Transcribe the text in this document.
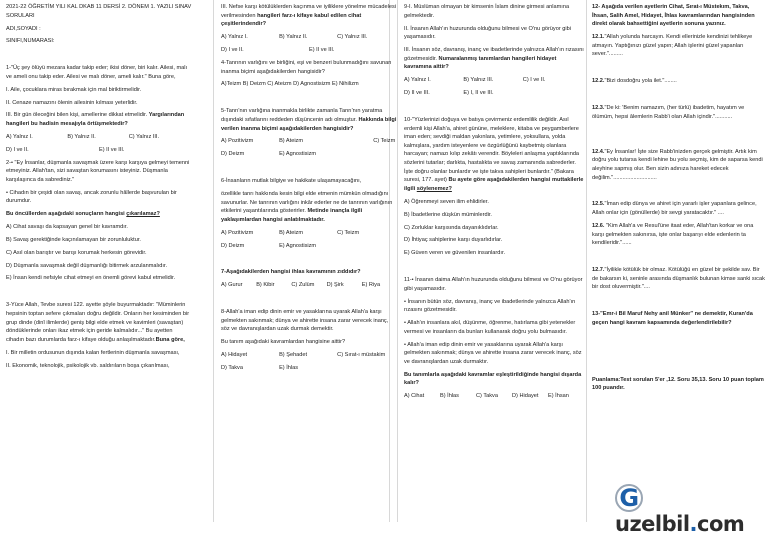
2021-22 ÖĞRETİM YILI KAL DKAB 11 DERSİ 2. DÖNEM 1. YAZILI SINAV SORULARI

ADI,SOYADI :

SINIFI,NUMARASI:

1-"Üç şey ölüyü mezara kadar takip eder; ikisi döner, biri kalır. Ailesi, malı ve ameli onu takip eder. Ailesi ve malı döner, ameli kalır." Buna göre,

I. Aile, çocuklara miras bırakmak için mal biriktirmelidir.

II. Cenaze namazını ölenin ailesinin kılması yeterlidir.

III. Bir gün öleceğini bilen kişi, amellerine dikkat etmelidir. Yargılarından hangileri bu hadisin mesajıyla örtüşmektedir?

A) Yalnız I.	B) Yalnız II.	C) Yalnız III.

D) I ve II.	E) II ve III.

2-• "Ey İnsanlar, düşmanla savaşmak üzere karşı karşıya gelmeyi temenni etmeyiniz. Allah'tan, sizi savaştan korumasını isteyiniz. Düşmanla karşılaşınca da sabrediniz."

• Cihadın bir çeşidi olan savaş, ancak zorunlu hâllerde başvurulan bir durumdur.

Bu öncüllerden aşağıdaki sonuçların hangisi çıkarılamaz?

A) Cihat savaşı da kapsayan genel bir kavramdır.

B) Savaş gerektiğinde kaçınılamayan bir zorunluluktur.

C) Asıl olan barıştır ve barışı korumak herkesin görevidir.

D) Düşmanla savaşmak değil düşmanlığı bitirmek arzulanmalıdır.

E) İnsan kendi nefsiyle cihat etmeyi en önemli görevi kabul etmelidir.

3-Yüce Allah, Tevbe suresi 122. ayette şöyle buyurmaktadır: "Müminlerin hepsinin toptan sefere çıkmaları doğru değildir. Onların her kesiminden bir grup dinde (dinî ilimlerde) geniş bilgi elde etmek ve kavimleri (savaştan) döndüklerinde onları ikaz etmek için geride kalmalıdır..." Bu ayetten cihadın bazı durumlarda farz-ı kifaye olduğu anlaşılmaktadır.Buna göre,

I. Bir milletin ordusunun dışında kalan fertlerinin düşmanla savaşması,

II. Ekonomik, teknolojik, psikolojik vb. saldırıların boşa çıkarılması,

III. Nefse karşı kötülüklerden kaçınma ve iyiliklere yönelme mücadelesi verilmesinden hangileri farz-ı kifaye kabul edilen cihat çeşitlerindendir?

A) Yalnız I.	B) Yalnız II.	C) Yalnız III.

D) I ve II.	E) II ve III.

4-Tanrının varlığını ve birliğini, eşi ve benzeri bulunmadığını savunan inanma biçimi aşağıdakilerden hangisidir?

A)Teizm B) Deizm C) Ateizm D) Agnostisizm E) Nihilizm

5-Tanrı'nın varlığına inanmakla birlikte zamanla Tanrı'nın yaratma dışındaki sıfatlarını reddeden düşüncenin adı olmuştur. Hakkında bilgi verilen inanma biçimi aşağıdakilerden hangisidir?

A) Pozitivizm	B) Ateizm	C) Teizm

D) Deizm	E) Agnostisizm

6-İnsanların mutlak bilgiye ve hakikate ulaşamayacağını,

özellikle tanrı hakkında kesin bilgi elde etmenin mümkün olmadığını savunurlar. Ne tanrının varlığını inkâr ederler ne de tanrının varlığının etkilerini yaşantılarında gösterirler. Metinde inançla ilgili yaklaşımlardan hangisi anlatılmaktadır.

A) Pozitivizm	B) Ateizm	C) Teizm

D) Deizm	E) Agnostisizm

7-Aşağıdakilerden hangisi ihlas kavramının zıddıdır?

A) Gurur	B) Kibir	C) Zulüm	D) Şirk	E) Riya

8-Allah'a iman edip dinin emir ve yasaklarına uyarak Allah'a karşı gelmekten sakınmak; dünya ve ahirette insana zarar verecek inanç, söz ve davranışlardan uzak durmak demektir.

Bu tanım aşağıdaki kavramlardan hangisine aittir?

A) Hidayet	B) Şehadet	C) Sırat-ı müstakim

D) Takva	E) İhlas

9-I. Müslüman olmayan bir kimsenin İslam dinine girmesi anlamına gelmektedir.

II. İnsanın Allah'ın huzurunda olduğunu bilmesi ve O'nu görüyor gibi yaşamasıdır.

III. İnsanın söz, davranış, inanç ve ibadetlerinde yalnızca Allah'ın rızasını gözetmesidir. Numaralanmış tanımlardan hangileri hidayet kavramına aittir?

A) Yalnız I.	B) Yalnız III.	C) I ve II.

D) II ve III.	E) I, II ve III.

10-"Yüzlerinizi doğuya ve batıya çevirmeniz erdemlilik değildir. Asıl erdemli kişi Allah'a, ahiret gününe, meleklere, kitaba ve peygamberlere iman eden; sevdiği maldan yakınlara, yetimlere, yoksullara, yolda kalmışlara, yardım isteyenlere ve özgürlüğünü kaybetmiş olanlara harcayan; namazı kılıp zekâtı verendir. Böyleleri anlaşma yaptıklarında sözlerini tutarlar; darlıkta, hastalıkta ve savaş zamanında sabrederler. İşte doğru olanlar bunlardır ve işte takva sahipleri bunlardır." (Bakara suresi, 177. ayet) Bu ayete göre aşağıdakilerden hangisi muttakilerle ilgili söylenemez?

A) Öğrenmeyi seven ilim ehlidirler.

B) İbadetlerine düşkün müminlerdir.

C) Zorluklar karşısında dayanıklıdırlar.

D) İhtiyaç sahiplerine karşı duyarlıdırlar.

E) Güven veren ve güvenilen insanlardır.

11-• İnsanın daima Allah'ın huzurunda olduğunu bilmesi ve O'nu görüyor gibi yaşamasıdır.

• İnsanın bütün söz, davranış, inanç ve ibadetlerinde yalnızca Allah'ın rızasını gözetmesidir.

• Allah'ın insanlara akıl, düşünme, öğrenme, hatırlama gibi yetenekler vermesi ve insanların da bunları kullanarak doğru yolu bulmasıdır.

• Allah'a iman edip dinin emir ve yasaklarına uyarak Allah'a karşı gelmekten sakınmak; dünya ve ahirette insana zarar verecek inanç, söz ve davranışlardan uzak durmaktır.

Bu tanımlarla aşağıdaki kavramlar eşleştirildiğinde hangisi dışarda kalır?

A) Cihat	B) İhlas	C) Takva	D) Hidayet	E) İhsan

12- Aşağıda verilen ayetlerin Cihat, Sırat-ı Müstekım, Takva, İhsan, Salih Amel, Hidayet, İhlas kavramlarından hangisinden direkt olarak bahsettiğini ayetlerin sonuna yazınız.

12.1."Allah yolunda harcayın. Kendi ellerinizle kendinizi tehlikeye atmayın. Yaptığınızı güzel yapın; Allah işlerini güzel yapanları sever.".........

12.2."Bizi dosdoğru yola ilet."........

12.3."De ki: 'Benim namazım, (her türlü) ibadetim, hayatım ve ölümüm, hepsi âlemlerin Rabb'i olan Allah içindir."...........

12.4."Ey İnsanlar! İşte size Rabb'inizden gerçek gelmiştir. Artık kim doğru yolu tutarsa kendi lehine bu yolu seçmiş, kim de saparsa kendi aleyhine sapmış olur. Ben sizin adınıza hareket edecek değilim."............................

12.5."İman edip dünya ve ahiret için yararlı işler yapanlara gelince, Allah onlar için (gönüllerde) bir sevgi yaratacaktır." ....

12.6. "Kim Allah'a ve Resul'üne itaat eder, Allah'tan korkar ve ona karşı gelmekten sakınırsa, işte onlar başarıyı elde edenlerin ta kendileridir."......

12.7."İyilikle kötülük bir olmaz. Kötülüğü en güzel bir şekilde sav. Bir de bakarsın ki, seninle arasında düşmanlık bulunan kimse sanki sıcak bir dost oluvermiştir."....

13-"Emr-i Bil Maruf Nehy anil Münker" ne demektir, Kuran'da geçen hangi kavram kapsamında değerlendirilebilir?

Puanlama:Test soruları 5'er ,12. Soru 35,13. Soru 10 puan toplam 100 puandır.

Guzelbil.com
